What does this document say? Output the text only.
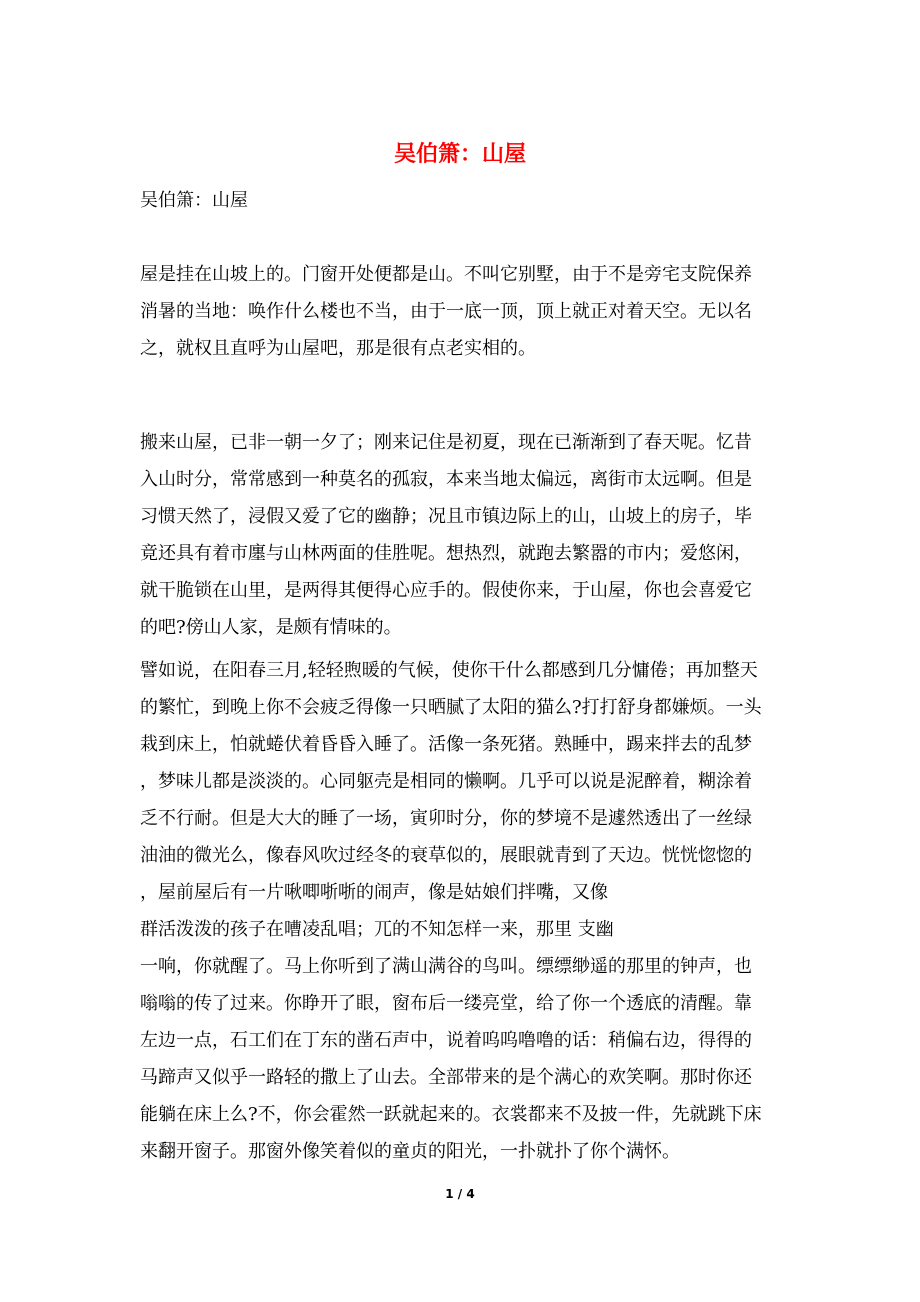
吴伯箫：山屋
吴伯箫：山屋
屋是挂在山坡上的。门窗开处便都是山。不叫它别墅，由于不是旁宅支院保养
消暑的当地：唤作什么楼也不当，由于一底一顶，顶上就正对着天空。无以名
之，就权且直呼为山屋吧，那是很有点老实相的。
搬来山屋，已非一朝一夕了；刚来记住是初夏，现在已渐渐到了春天呢。忆昔
入山时分，常常感到一种莫名的孤寂，本来当地太偏远，离街市太远啊。但是
习惯天然了，浸假又爱了它的幽静；况且市镇边际上的山，山坡上的房子，毕
竟还具有着市廛与山林两面的佳胜呢。想热烈，就跑去繁嚣的市内；爱悠闲，
就干脆锁在山里，是两得其便得心应手的。假使你来，于山屋，你也会喜爱它
的吧?傍山人家，是颇有情味的。
譬如说，在阳春三月,轻轻煦暖的气候，使你干什么都感到几分慵倦；再加整天
的繁忙，到晚上你不会疲乏得像一只晒腻了太阳的猫么?打打舒身都嫌烦。一头
栽到床上，怕就蜷伏着昏昏入睡了。活像一条死猪。熟睡中，踢来拌去的乱梦
，梦味儿都是淡淡的。心同躯壳是相同的懒啊。几乎可以说是泥醉着，糊涂着
乏不行耐。但是大大的睡了一场，寅卯时分，你的梦境不是遽然透出了一丝绿
油油的微光么，像春风吹过经冬的衰草似的，展眼就青到了天边。恍恍惚惚的
，屋前屋后有一片啾唧哳哳的闹声，像是姑娘们拌嘴，又像
群活泼泼的孩子在嘈凌乱唱；兀的不知怎样一来，那里 支幽
一响，你就醒了。马上你听到了满山满谷的鸟叫。缥缥缈遥的那里的钟声，也
嗡嗡的传了过来。你睁开了眼，窗布后一缕亮堂，给了你一个透底的清醒。靠
左边一点，石工们在丁东的凿石声中，说着呜呜噜噜的话：稍偏右边，得得的
马蹄声又似乎一路轻的撒上了山去。全部带来的是个满心的欢笑啊。那时你还
能躺在床上么?不，你会霍然一跃就起来的。衣裳都来不及披一件，先就跳下床
来翻开窗子。那窗外像笑着似的童贞的阳光，一扑就扑了你个满怀。
1 / 4
